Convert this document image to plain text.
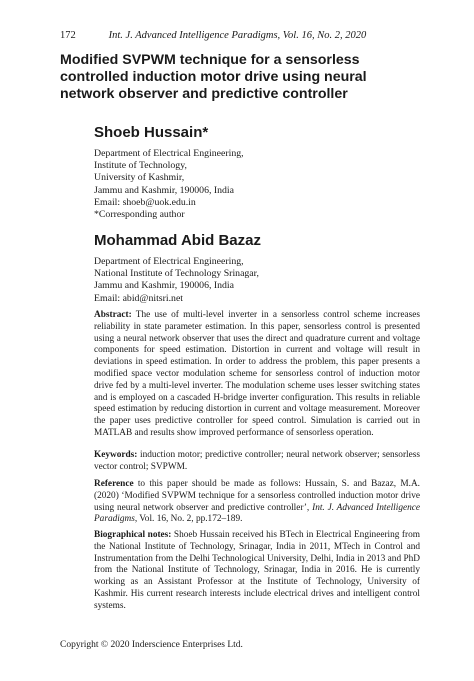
172	Int. J. Advanced Intelligence Paradigms, Vol. 16, No. 2, 2020
Modified SVPWM technique for a sensorless controlled induction motor drive using neural network observer and predictive controller
Shoeb Hussain*
Department of Electrical Engineering,
Institute of Technology,
University of Kashmir,
Jammu and Kashmir, 190006, India
Email: shoeb@uok.edu.in
*Corresponding author
Mohammad Abid Bazaz
Department of Electrical Engineering,
National Institute of Technology Srinagar,
Jammu and Kashmir, 190006, India
Email: abid@nitsri.net

Abstract: The use of multi-level inverter in a sensorless control scheme increases reliability in state parameter estimation. In this paper, sensorless control is presented using a neural network observer that uses the direct and quadrature current and voltage components for speed estimation. Distortion in current and voltage will result in deviations in speed estimation. In order to address the problem, this paper presents a modified space vector modulation scheme for sensorless control of induction motor drive fed by a multi-level inverter. The modulation scheme uses lesser switching states and is employed on a cascaded H-bridge inverter configuration. This results in reliable speed estimation by reducing distortion in current and voltage measurement. Moreover the paper uses predictive controller for speed control. Simulation is carried out in MATLAB and results show improved performance of sensorless operation.

Keywords: induction motor; predictive controller; neural network observer; sensorless vector control; SVPWM.

Reference to this paper should be made as follows: Hussain, S. and Bazaz, M.A. (2020) ‘Modified SVPWM technique for a sensorless controlled induction motor drive using neural network observer and predictive controller’, Int. J. Advanced Intelligence Paradigms, Vol. 16, No. 2, pp.172–189.

Biographical notes: Shoeb Hussain received his BTech in Electrical Engineering from the National Institute of Technology, Srinagar, India in 2011, MTech in Control and Instrumentation from the Delhi Technological University, Delhi, India in 2013 and PhD from the National Institute of Technology, Srinagar, India in 2016. He is currently working as an Assistant Professor at the Institute of Technology, University of Kashmir. His current research interests include electrical drives and intelligent control systems.

Copyright © 2020 Inderscience Enterprises Ltd.
